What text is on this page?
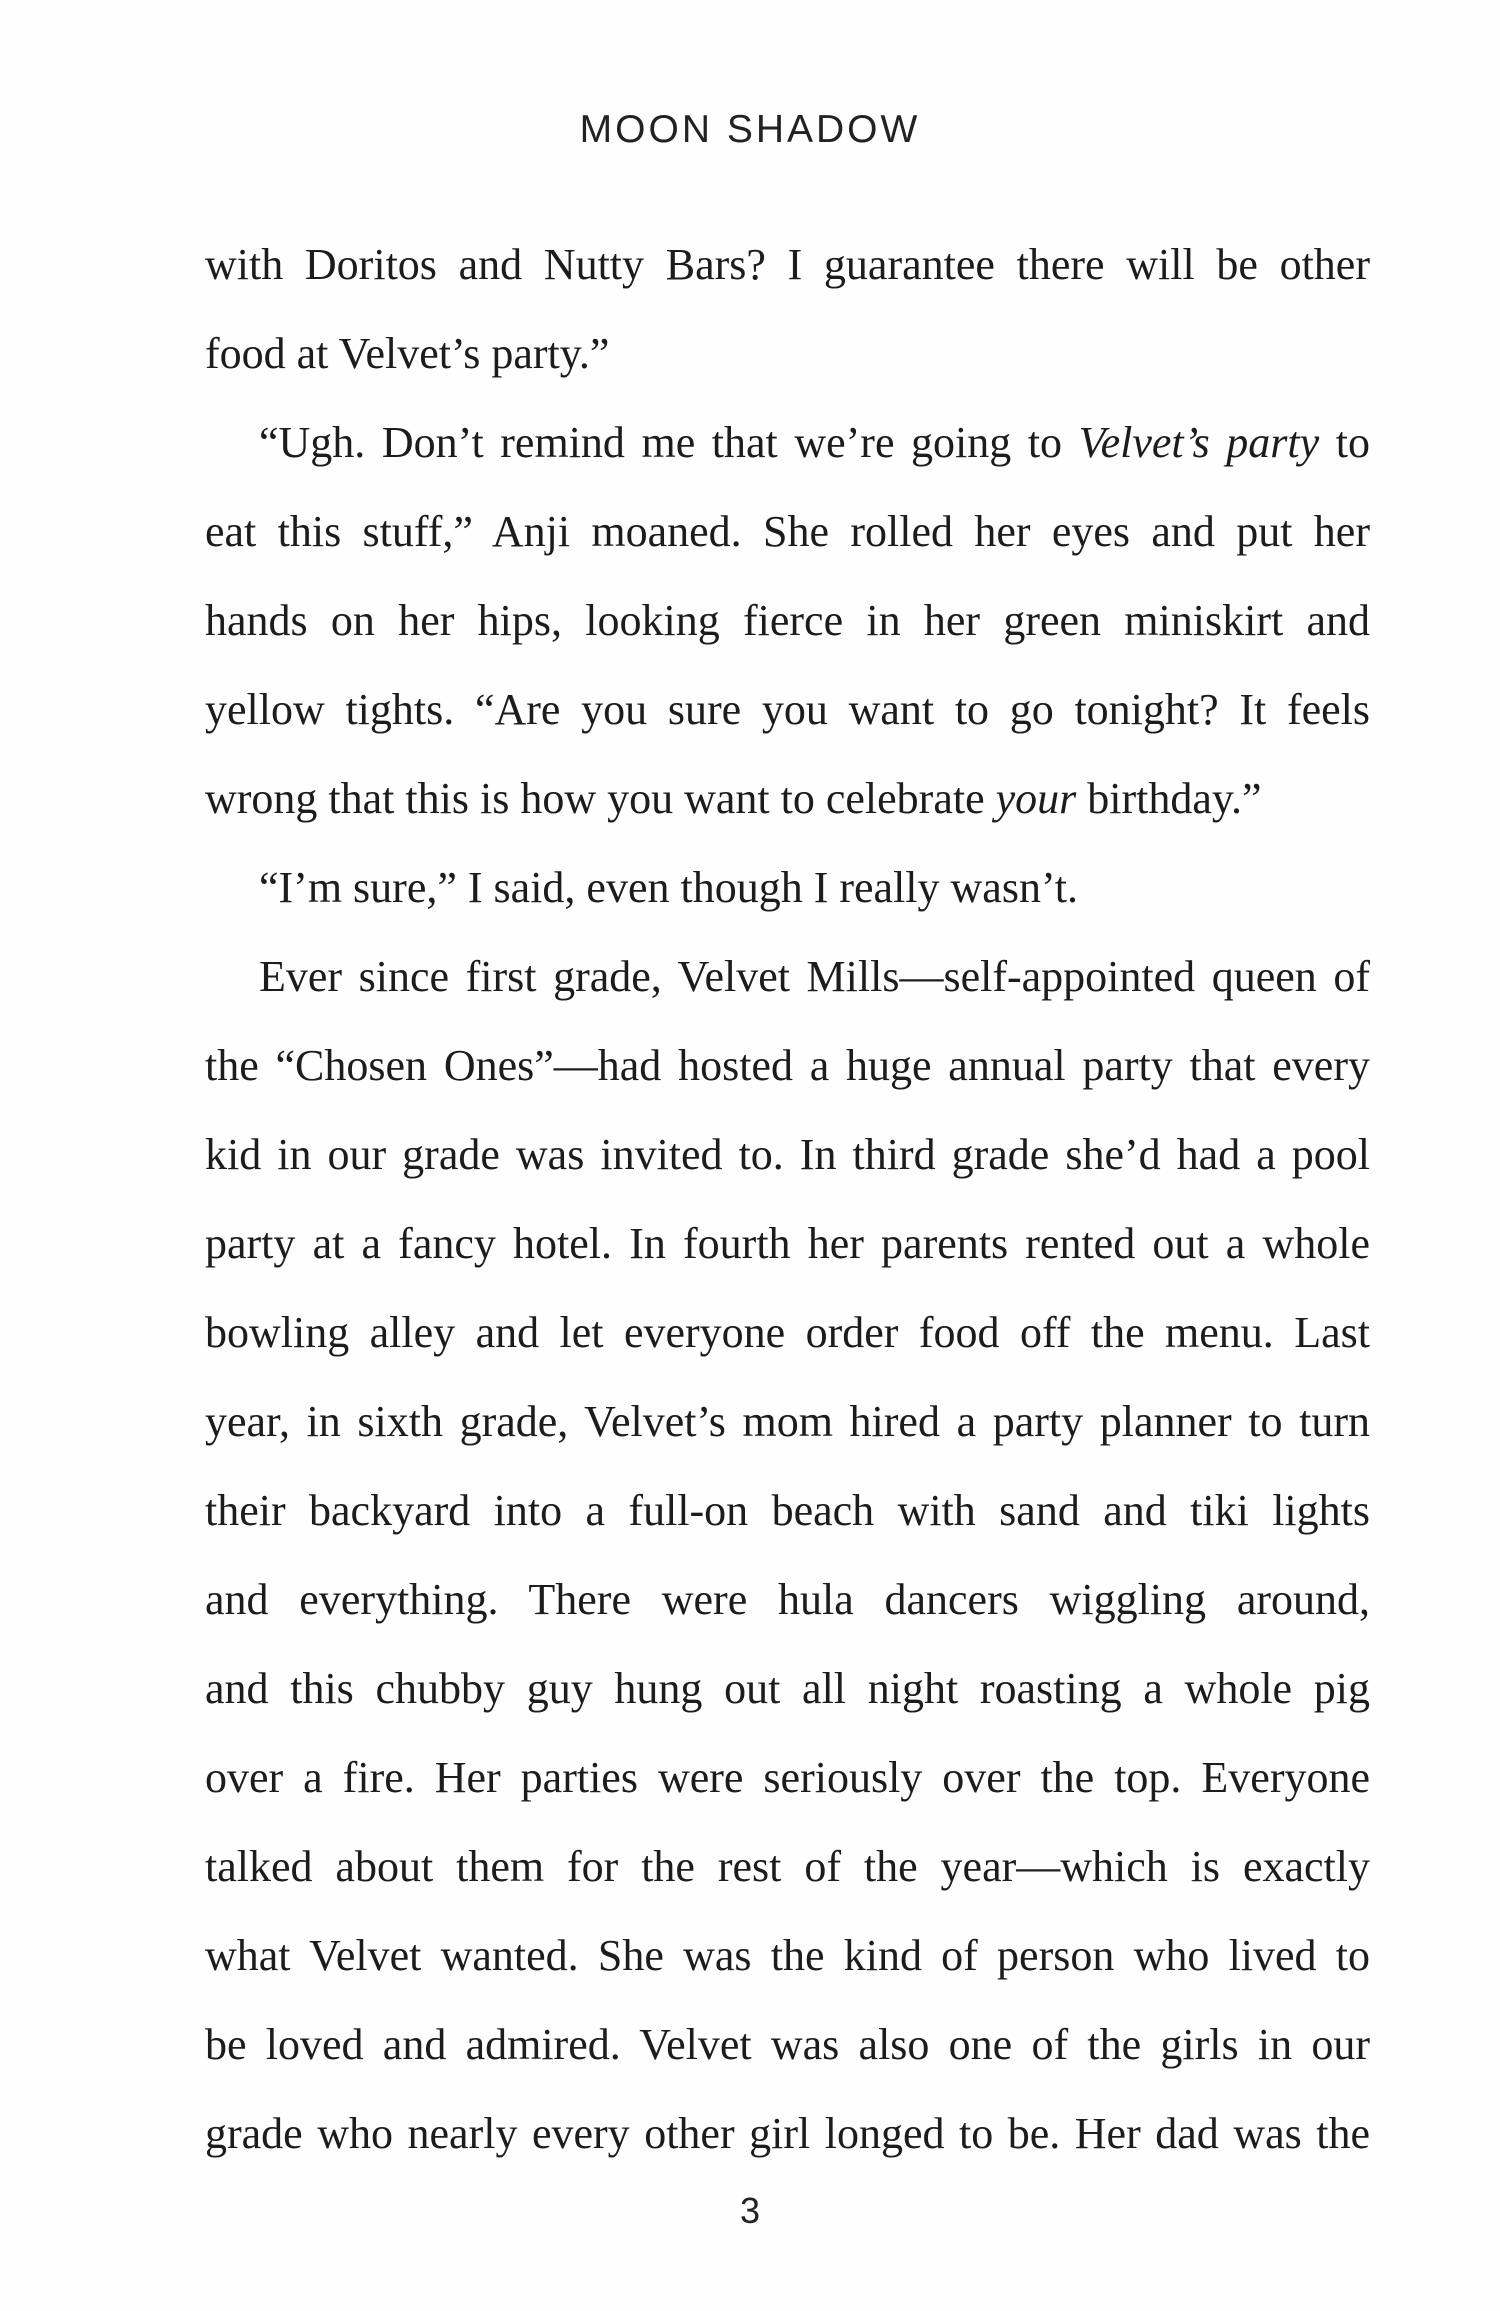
MOON SHADOW
with Doritos and Nutty Bars? I guarantee there will be other
food at Velvet’s party.”
“Ugh. Don’t remind me that we’re going to Velvet’s party to
eat this stuff,” Anji moaned. She rolled her eyes and put her
hands on her hips, looking fierce in her green miniskirt and
yellow tights. “Are you sure you want to go tonight? It feels
wrong that this is how you want to celebrate your birthday.”
“I’m sure,” I said, even though I really wasn’t.
Ever since first grade, Velvet Mills—self-appointed queen of
the “Chosen Ones”—had hosted a huge annual party that every
kid in our grade was invited to. In third grade she’d had a pool
party at a fancy hotel. In fourth her parents rented out a whole
bowling alley and let everyone order food off the menu. Last
year, in sixth grade, Velvet’s mom hired a party planner to turn
their backyard into a full-on beach with sand and tiki lights
and everything. There were hula dancers wiggling around,
and this chubby guy hung out all night roasting a whole pig
over a fire. Her parties were seriously over the top. Everyone
talked about them for the rest of the year—which is exactly
what Velvet wanted. She was the kind of person who lived to
be loved and admired. Velvet was also one of the girls in our
grade who nearly every other girl longed to be. Her dad was the
3
